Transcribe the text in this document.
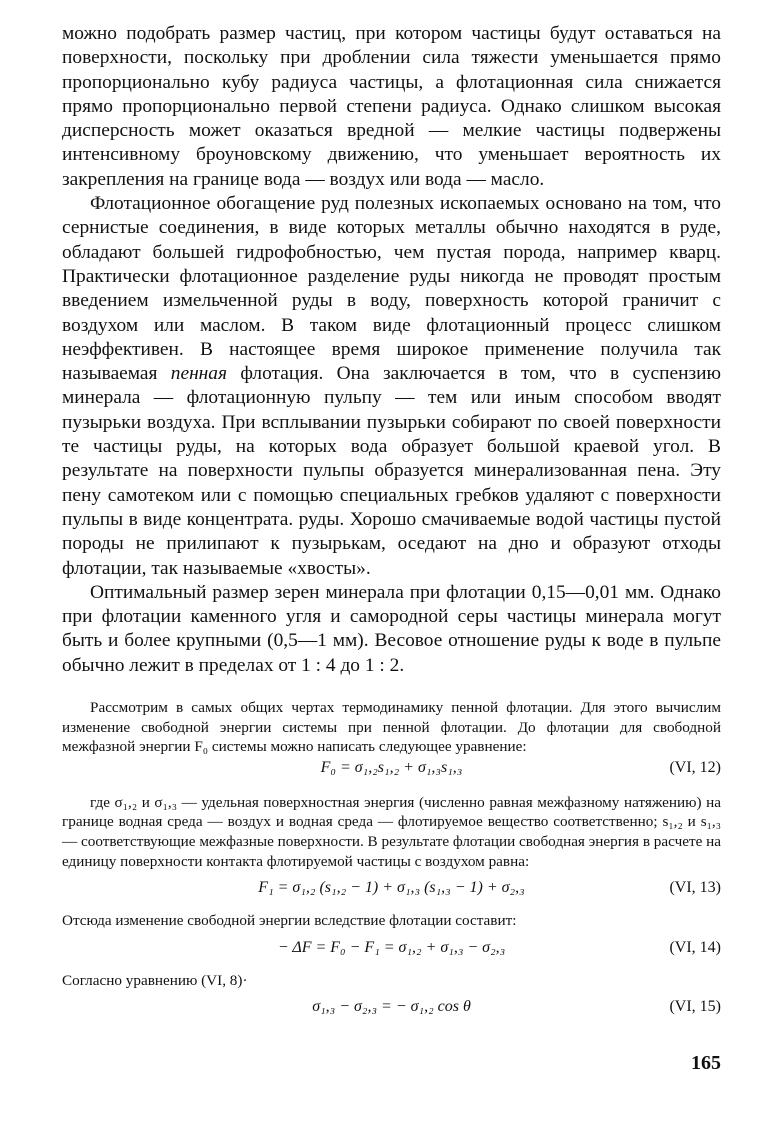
можно подобрать размер частиц, при котором частицы будут оставаться на поверхности, поскольку при дроблении сила тяжести уменьшается прямо пропорционально кубу радиуса частицы, а флотационная сила снижается прямо пропорционально первой степени радиуса. Однако слишком высокая дисперсность может оказаться вредной — мелкие частицы подвержены интенсивному броуновскому движению, что уменьшает вероятность их закрепления на границе вода — воздух или вода — масло.

Флотационное обогащение руд полезных ископаемых основано на том, что сернистые соединения, в виде которых металлы обычно находятся в руде, обладают большей гидрофобностью, чем пустая порода, например кварц. Практически флотационное разделение руды никогда не проводят простым введением измельченной руды в воду, поверхность которой граничит с воздухом или маслом. В таком виде флотационный процесс слишком неэффективен. В настоящее время широкое применение получила так называемая пенная флотация. Она заключается в том, что в суспензию минерала — флотационную пульпу — тем или иным способом вводят пузырьки воздуха. При всплывании пузырьки собирают по своей поверхности те частицы руды, на которых вода образует большой краевой угол. В результате на поверхности пульпы образуется минерализованная пена. Эту пену самотеком или с помощью специальных гребков удаляют с поверхности пульпы в виде концентрата. руды. Хорошо смачиваемые водой частицы пустой породы не прилипают к пузырькам, оседают на дно и образуют отходы флотации, так называемые «хвосты».

Оптимальный размер зерен минерала при флотации 0,15—0,01 мм. Однако при флотации каменного угля и самородной серы частицы минерала могут быть и более крупными (0,5—1 мм). Весовое отношение руды к воде в пульпе обычно лежит в пределах от 1 : 4 до 1 : 2.

Рассмотрим в самых общих чертах термодинамику пенной флотации. Для этого вычислим изменение свободной энергии системы при пенной флотации. До флотации для свободной межфазной энергии F₀ системы можно написать следующее уравнение:

F₀ = σ₁,₂s₁,₂ + σ₁,₃s₁,₃	(VI, 12)

где σ₁,₂ и σ₁,₃ — удельная поверхностная энергия (численно равная межфазному натяжению) на границе водная среда — воздух и водная среда — флотируемое вещество соответственно; s₁,₂ и s₁,₃ — соответствующие межфазные поверхности. В результате флотации свободная энергия в расчете на единицу поверхности контакта флотируемой частицы с воздухом равна:

F₁ = σ₁,₂ (s₁,₂ − 1) + σ₁,₃ (s₁,₃ − 1) + σ₂,₃	(VI, 13)

Отсюда изменение свободной энергии вследствие флотации составит:

− ΔF = F₀ − F₁ = σ₁,₂ + σ₁,₃ − σ₂,₃	(VI, 14)

Согласно уравнению (VI, 8)·

σ₁,₃ − σ₂,₃ = − σ₁,₂ cos θ	(VI, 15)
165
